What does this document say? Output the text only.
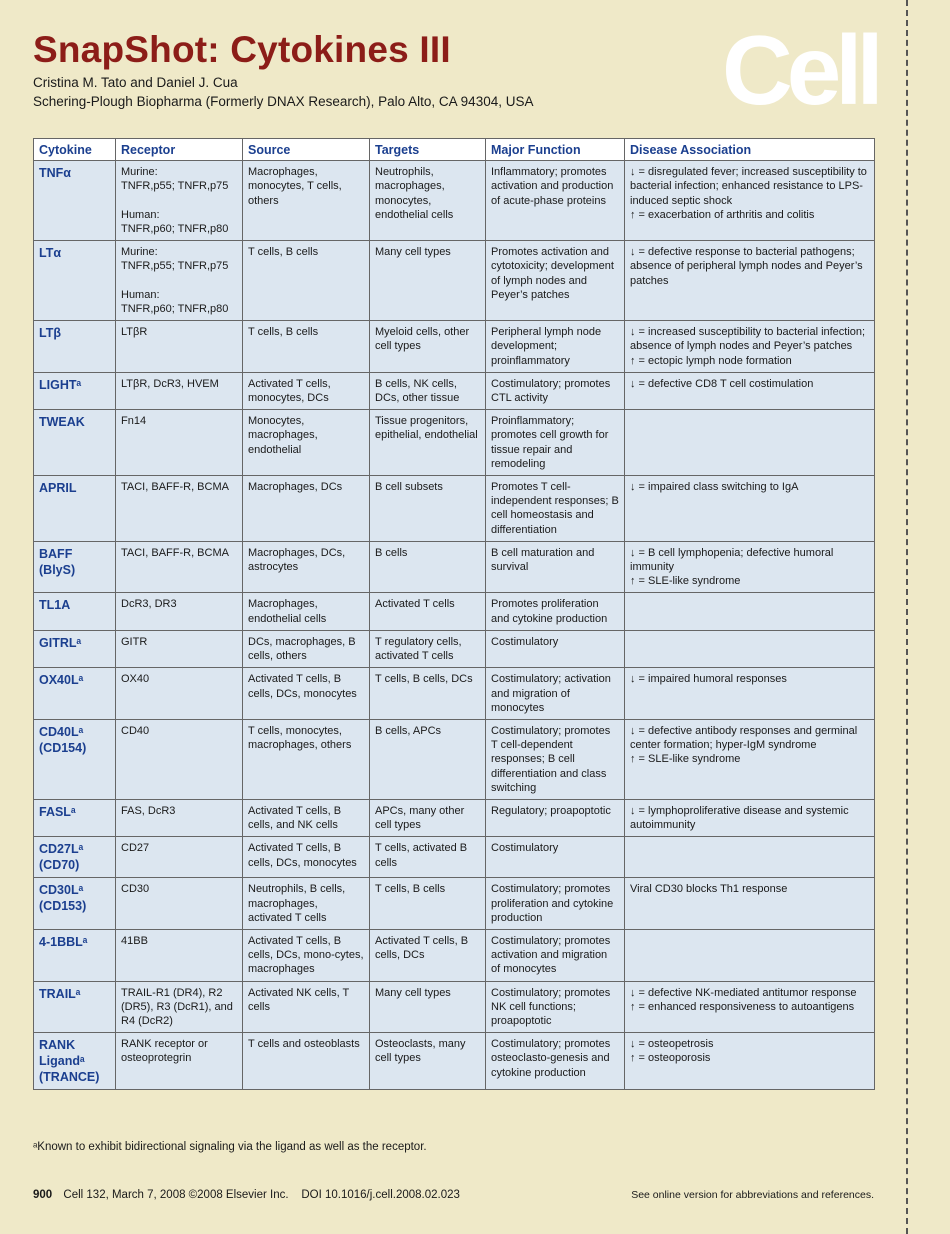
SnapShot: Cytokines III
Cristina M. Tato and Daniel J. Cua
Schering-Plough Biopharma (Formerly DNAX Research), Palo Alto, CA 94304, USA Cell
Cytokine	Receptor	Source	Targets	Major Function	Disease Association
TNFα	Murine:
TNFR,p55; TNFR,p75

Human:
TNFR,p60; TNFR,p80	Macrophages, monocytes, T cells, others	Neutrophils, macrophages, monocytes, endothelial cells	Inflammatory; promotes activation and production of acute-phase proteins	↓ = disregulated fever; increased susceptibility to bacterial infection; enhanced resistance to LPS-induced septic shock
↑ = exacerbation of arthritis and colitis
LTα	Murine:
TNFR,p55; TNFR,p75

Human:
TNFR,p60; TNFR,p80	T cells, B cells	Many cell types	Promotes activation and cytotoxicity; development of lymph nodes and Peyer’s patches	↓ = defective response to bacterial pathogens; absence of peripheral lymph nodes and Peyer’s patches
LTβ	LTβR	T cells, B cells	Myeloid cells, other cell types	Peripheral lymph node development; proinflammatory	↓ = increased susceptibility to bacterial infection; absence of lymph nodes and Peyer’s patches
↑ = ectopic lymph node formation
LIGHTᵃ	LTβR, DcR3, HVEM	Activated T cells, monocytes, DCs	B cells, NK cells, DCs, other tissue	Costimulatory; promotes CTL activity	↓ = defective CD8 T cell costimulation
TWEAK	Fn14	Monocytes, macrophages, endothelial	Tissue progenitors, epithelial, endothelial	Proinflammatory; promotes cell growth for tissue repair and remodeling	
APRIL	TACI, BAFF-R, BCMA	Macrophages, DCs	B cell subsets	Promotes T cell-independent responses; B cell homeostasis and differentiation	↓ = impaired class switching to IgA
BAFF
(BlyS)	TACI, BAFF-R, BCMA	Macrophages, DCs, astrocytes	B cells	B cell maturation and survival	↓ = B cell lymphopenia; defective humoral immunity
↑ = SLE-like syndrome
TL1A	DcR3, DR3	Macrophages, endothelial cells	Activated T cells	Promotes proliferation and cytokine production	
GITRLᵃ	GITR	DCs, macrophages, B cells, others	T regulatory cells, activated T cells	Costimulatory	
OX40Lᵃ	OX40	Activated T cells, B cells, DCs, monocytes	T cells, B cells, DCs	Costimulatory; activation and migration of monocytes	↓ = impaired humoral responses
CD40Lᵃ
(CD154)	CD40	T cells, monocytes, macrophages, others	B cells, APCs	Costimulatory; promotes T cell-dependent responses; B cell differentiation and class switching	↓ = defective antibody responses and germinal center formation; hyper-IgM syndrome
↑ = SLE-like syndrome
FASLᵃ	FAS, DcR3	Activated T cells, B cells, and NK cells	APCs, many other cell types	Regulatory; proapoptotic	↓ = lymphoproliferative disease and systemic autoimmunity
CD27Lᵃ
(CD70)	CD27	Activated T cells, B cells, DCs, monocytes	T cells, activated B cells	Costimulatory	
CD30Lᵃ
(CD153)	CD30	Neutrophils, B cells, macrophages, activated T cells	T cells, B cells	Costimulatory; promotes proliferation and cytokine production	Viral CD30 blocks Th1 response
4-1BBLᵃ	41BB	Activated T cells, B cells, DCs, mono-cytes, macrophages	Activated T cells, B cells, DCs	Costimulatory; promotes activation and migration of monocytes	
TRAILᵃ	TRAIL-R1 (DR4), R2 (DR5), R3 (DcR1), and R4 (DcR2)	Activated NK cells, T cells	Many cell types	Costimulatory; promotes NK cell functions; proapoptotic	↓ = defective NK-mediated antitumor response
↑ = enhanced responsiveness to autoantigens
RANK
Ligandᵃ
(TRANCE)	RANK receptor or osteoprotegrin	T cells and osteoblasts	Osteoclasts, many cell types	Costimulatory; promotes osteoclasto-genesis and cytokine production	↓ = osteopetrosis
↑ = osteoporosis
ᵃKnown to exhibit bidirectional signaling via the ligand as well as the receptor.
900 Cell 132, March 7, 2008 ©2008 Elsevier Inc.    DOI 10.1016/j.cell.2008.02.023	See online version for abbreviations and references.
